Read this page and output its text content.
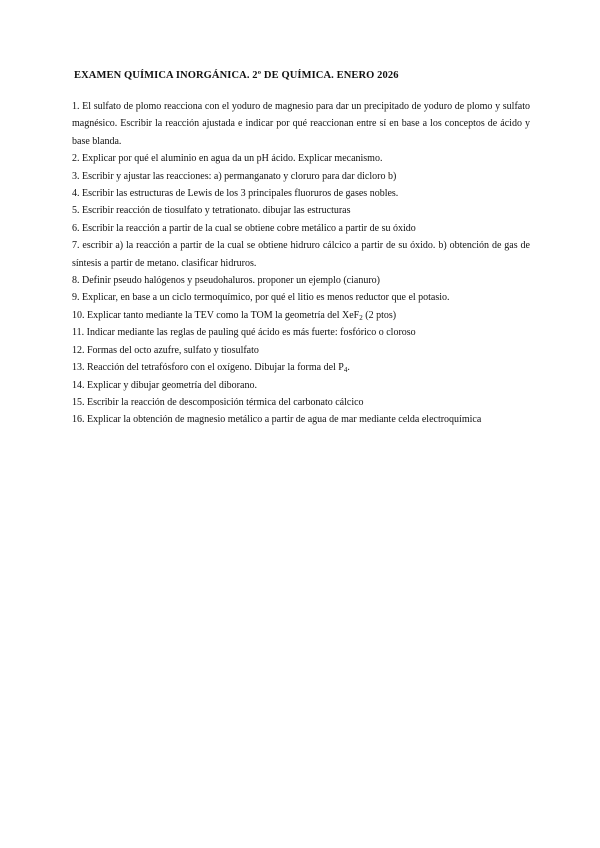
EXAMEN QUÍMICA INORGÁNICA. 2º DE QUÍMICA. ENERO 2026
1. El sulfato de plomo reacciona con el yoduro de magnesio para dar un precipitado de yoduro de plomo y sulfato magnésico. Escribir la reacción ajustada e indicar por qué reaccionan entre sí en base a los conceptos de ácido y base blanda.
2. Explicar por qué el aluminio en agua da un pH ácido. Explicar mecanismo.
3. Escribir y ajustar las reacciones: a) permanganato y cloruro para dar dicloro b)
4. Escribir las estructuras de Lewis de los 3 principales fluoruros de gases nobles.
5. Escribir reacción de tiosulfato y tetrationato. dibujar las estructuras
6. Escribir la reacción a partir de la cual se obtiene cobre metálico a partir de su óxido
7. escribir a) la reacción a partir de la cual se obtiene hidruro cálcico a partir de su óxido. b) obtención de gas de síntesis a partir de metano. clasificar hidruros.
8. Definir pseudo halógenos y pseudohaluros. proponer un ejemplo (cianuro)
9. Explicar, en base a un ciclo termoquímico, por qué el litio es menos reductor que el potasio.
10. Explicar tanto mediante la TEV como la TOM la geometría del XeF$_2$ (2 ptos)
11. Indicar mediante las reglas de pauling qué ácido es más fuerte: fosfórico o cloroso
12. Formas del octo azufre, sulfato y tiosulfato
13. Reacción del tetrafósforo con el oxígeno. Dibujar la forma del $P_4$.
14. Explicar y dibujar geometría del diborano.
15. Escribir la reacción de descomposición térmica del carbonato cálcico
16. Explicar la obtención de magnesio metálico a partir de agua de mar mediante celda electroquímica
